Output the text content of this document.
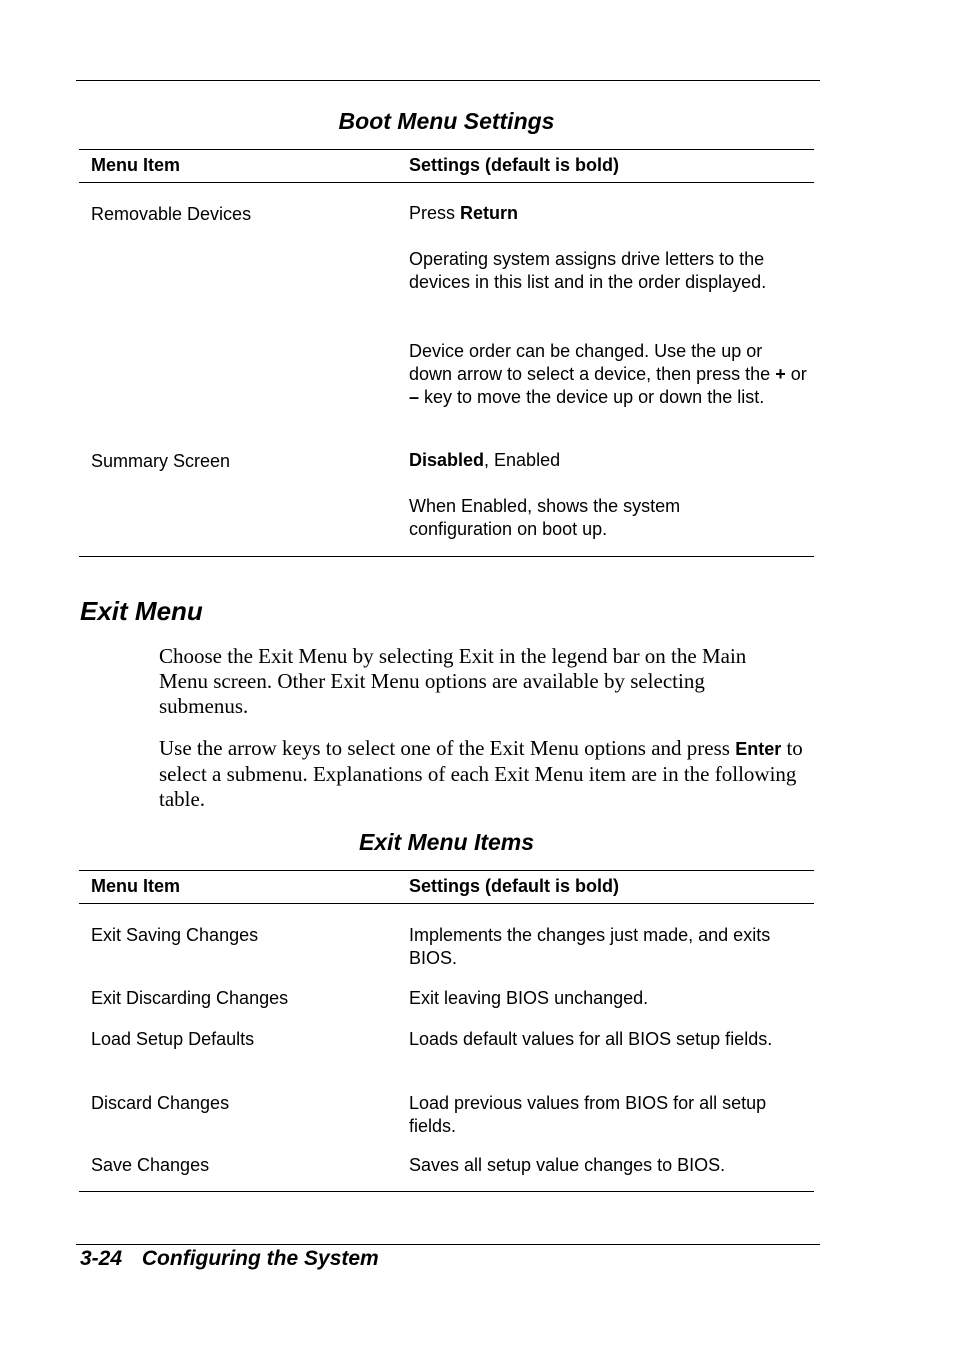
Boot Menu Settings
Menu Item	Settings (default is bold)
Removable Devices	Press Return
Operating system assigns drive letters to the devices in this list and in the order displayed.
Device order can be changed. Use the up or down arrow to select a device, then press the + or – key to move the device up or down the list.
Summary Screen	Disabled, Enabled
When Enabled, shows the system configuration on boot up.
Exit Menu
Choose the Exit Menu by selecting Exit in the legend bar on the Main Menu screen. Other Exit Menu options are available by selecting submenus.
Use the arrow keys to select one of the Exit Menu options and press Enter to select a submenu. Explanations of each Exit Menu item are in the following table.
Exit Menu Items
Menu Item	Settings (default is bold)
Exit Saving Changes	Implements the changes just made, and exits BIOS.
Exit Discarding Changes	Exit leaving BIOS unchanged.
Load Setup Defaults	Loads default values for all BIOS setup fields.
Discard Changes	Load previous values from BIOS for all setup fields.
Save Changes	Saves all setup value changes to BIOS.
3-24 Configuring the System
